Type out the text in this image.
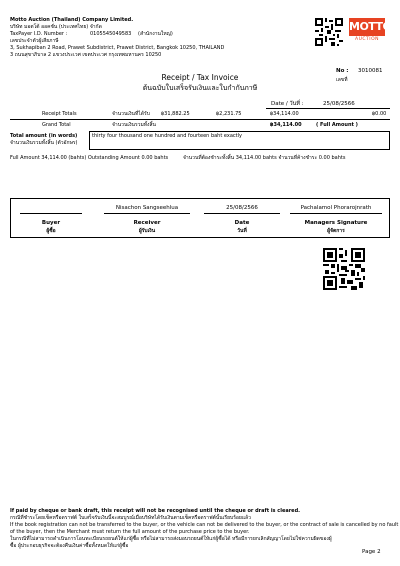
Motto Auction (Thailand) Company Limited.
บริษัท มอตโต้ ออคชั่น (ประเทศไทย) จำกัด
TaxPayer I.D. Number :	0105545049583 (สำนักงานใหญ่)
เลขประจำตัวผู้เสียภาษี
3, Sukhapiban 2 Road, Prawet Subdistrict, Prawet District, Bangkok 10250, THAILAND
3 ถนนสุขาภิบาล 2 แขวงประเวศ เขตประเวศ กรุงเทพมหานคร 10250
MOTTO
AUCTION
No : 3010081
เลขที่
Receipt / Tax Invoice
ต้นฉบับใบเสร็จรับเงินและใบกำกับภาษี
Date / วันที่ :	25/08/2566
Receipt Totals	จำนวนเงินที่ได้รับ ฿31,882.25	฿2,231.75	฿34,114.00	฿0.00
Grand Total	จำนวนเงินรวมทั้งสิ้น	฿34,114.00	( Full Amount )
Total amount (in words)
จำนวนเงินรวมทั้งสิ้น (ตัวอักษร)
thirty four thousand one hundred and fourteen baht exactly
Full Amount 34,114.00 (bahts) Outstanding Amount 0.00 bahts	จำนวนที่ต้องชำระทั้งสิ้น 34,114.00 bahts จำนวนที่ค้างชำระ 0.00 bahts
Nisachon Sangseehlua	25/08/2566	Pachalamol Phorarojnrath
Buyer
ผู้ซื้อ
Receiver
ผู้รับเงิน
Date
วันที่
Managers Signature
ผู้จัดการ
If paid by cheque or bank draft, this receipt will not be recognised until the cheque or draft is cleared.
กรณีที่ชำระโดยเช็คหรือดราฟต์ ใบเสร็จรับเงินนี้จะสมบูรณ์เมื่อบริษัทได้รับเงินตามเช็คหรือดราฟต์นั้นเรียบร้อยแล้ว
If the book registration can not be transferred to the buyer, or the vehicle can not be delivered to the buyer, or the contract of sale is cancelled by no fault
of the buyer, then the Merchant must return the full amount of the purchase price to the buyer.
ในกรณีที่ไม่สามารถดำเนินการโอนทะเบียนรถยนต์ให้แก่ผู้ซื้อ หรือไม่สามารถส่งมอบรถยนต์ให้แก่ผู้ซื้อได้ หรือมีการยกเลิกสัญญาโดยไม่ใช่ความผิดของผู้
ซื้อ ผู้ประกอบธุรกิจจะต้องคืนเงินค่าซื้อทั้งหมดให้แก่ผู้ซื้อ
Page 2
